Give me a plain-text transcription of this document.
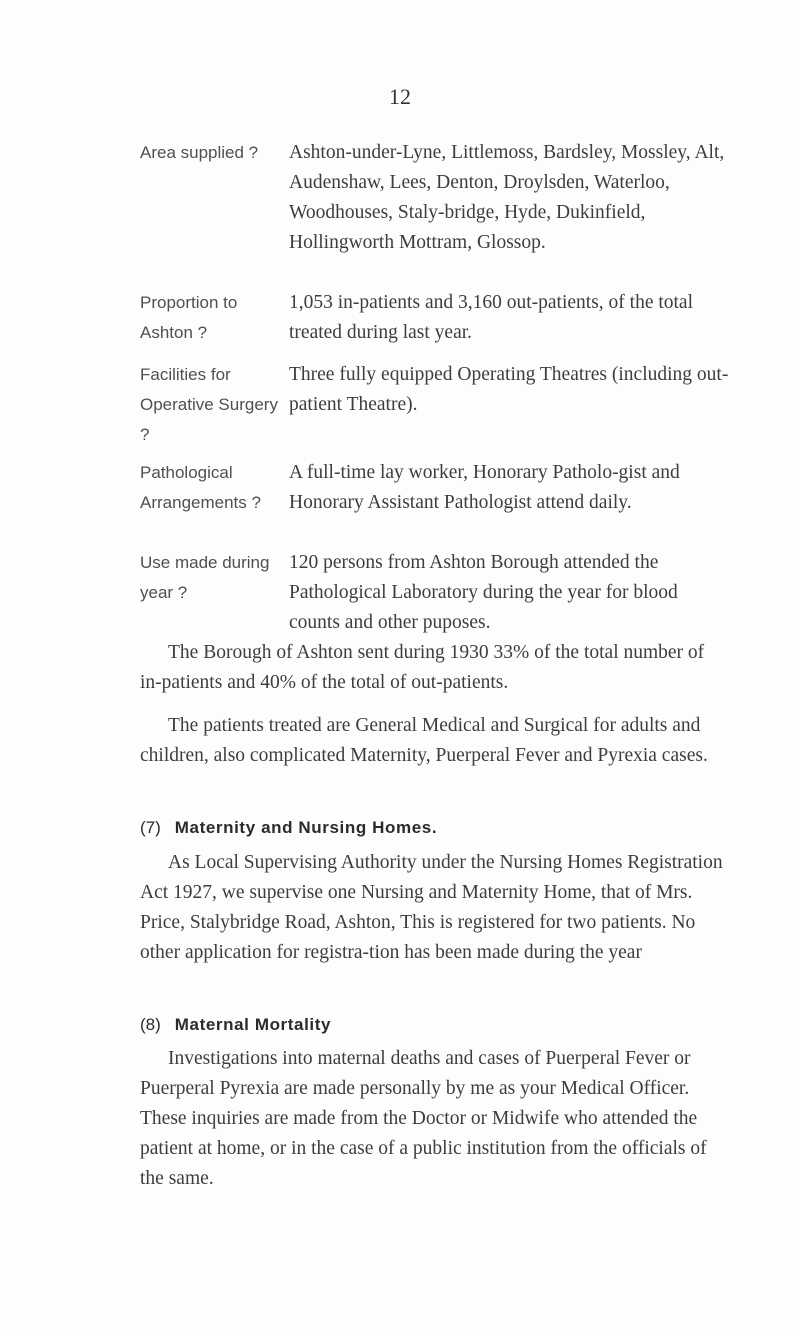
12
Area supplied ?	Ashton-under-Lyne, Littlemoss, Bardsley, Mossley, Alt, Audenshaw, Lees, Denton, Droylsden, Waterloo, Woodhouses, Staly-bridge, Hyde, Dukinfield, Hollingworth Mottram, Glossop.
Proportion to Ashton ?
1,053 in-patients and 3,160 out-patients, of the total treated during last year.
Facilities for Operative Surgery ?
Three fully equipped Operating Theatres (including out-patient Theatre).
Pathological Arrangements ?
A full-time lay worker, Honorary Patholo-gist and Honorary Assistant Pathologist attend daily.
Use made during year ?
120 persons from Ashton Borough attended the Pathological Laboratory during the year for blood counts and other puposes.
The Borough of Ashton sent during 1930 33% of the total number of in-patients and 40% of the total of out-patients.
The patients treated are General Medical and Surgical for adults and children, also complicated Maternity, Puerperal Fever and Pyrexia cases.
(7) Maternity and Nursing Homes.
As Local Supervising Authority under the Nursing Homes Registration Act 1927, we supervise one Nursing and Maternity Home, that of Mrs. Price, Stalybridge Road, Ashton, This is registered for two patients. No other application for registra-tion has been made during the year
(8) Maternal Mortality
Investigations into maternal deaths and cases of Puerperal Fever or Puerperal Pyrexia are made personally by me as your Medical Officer. These inquiries are made from the Doctor or Midwife who attended the patient at home, or in the case of a public institution from the officials of the same.
